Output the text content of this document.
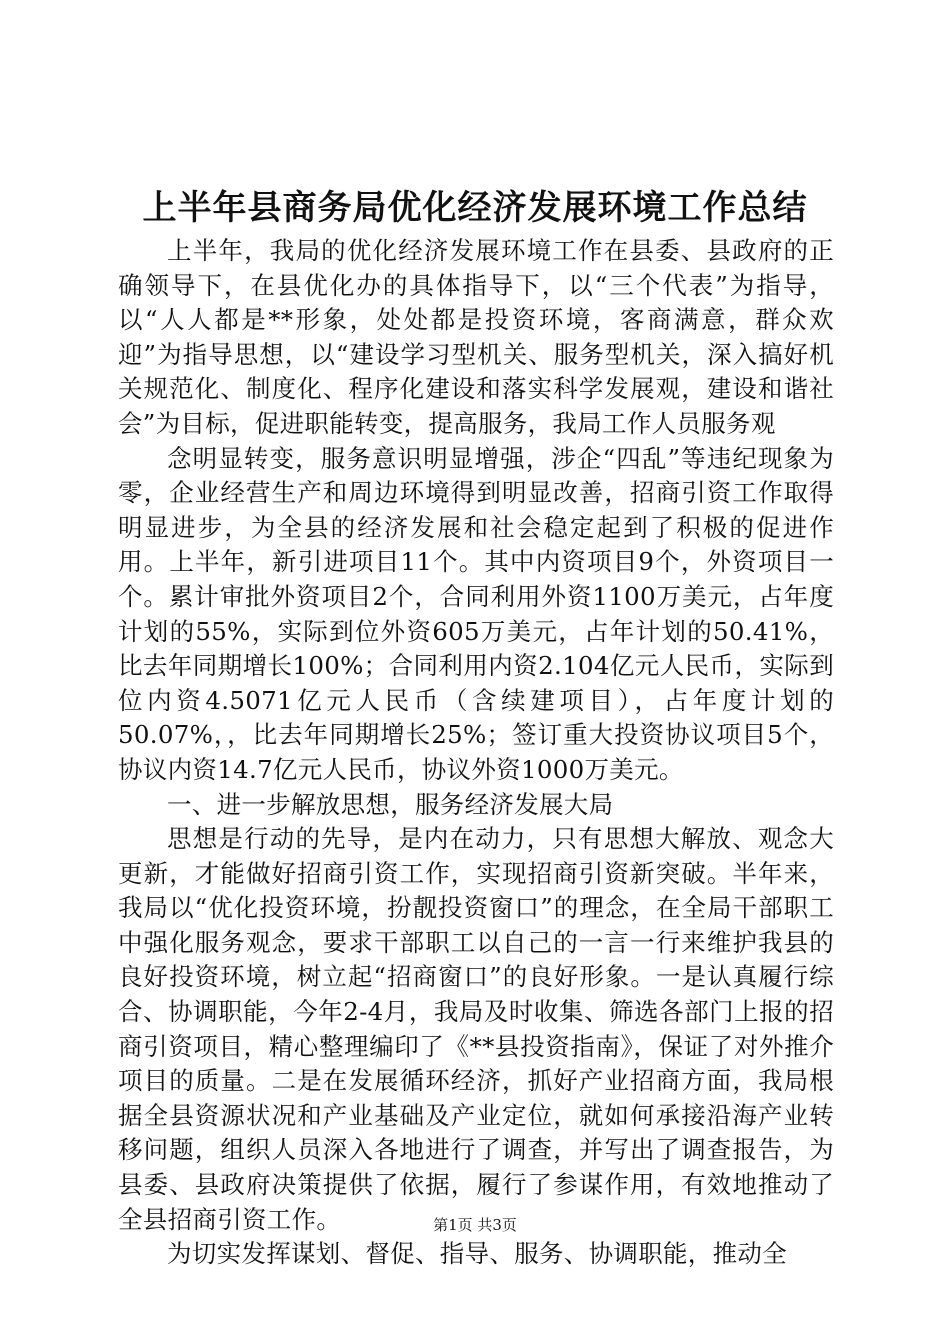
上半年县商务局优化经济发展环境工作总结

上半年，我局的优化经济发展环境工作在县委、县政府的正确领导下，在县优化办的具体指导下，以“三个代表”为指导，以“人人都是**形象，处处都是投资环境，客商满意，群众欢迎”为指导思想，以“建设学习型机关、服务型机关，深入搞好机关规范化、制度化、程序化建设和落实科学发展观，建设和谐社会”为目标，促进职能转变，提高服务，我局工作人员服务观

念明显转变，服务意识明显增强，涉企“四乱”等违纪现象为零，企业经营生产和周边环境得到明显改善，招商引资工作取得明显进步，为全县的经济发展和社会稳定起到了积极的促进作用。上半年，新引进项目11个。其中内资项目9个，外资项目一个。累计审批外资项目2个，合同利用外资1100万美元，占年度计划的55%，实际到位外资605万美元，占年计划的50.41%，比去年同期增长100%；合同利用内资2.104亿元人民币，实际到位内资4.5071亿元人民币（含续建项目），占年度计划的50.07%，，比去年同期增长25%；签订重大投资协议项目5个，协议内资14.7亿元人民币，协议外资1000万美元。

一、进一步解放思想，服务经济发展大局

思想是行动的先导，是内在动力，只有思想大解放、观念大更新，才能做好招商引资工作，实现招商引资新突破。半年来，我局以“优化投资环境，扮靓投资窗口”的理念，在全局干部职工中强化服务观念，要求干部职工以自己的一言一行来维护我县的良好投资环境，树立起“招商窗口”的良好形象。一是认真履行综合、协调职能，今年2-4月，我局及时收集、筛选各部门上报的招商引资项目，精心整理编印了《**县投资指南》，保证了对外推介项目的质量。二是在发展循环经济，抓好产业招商方面，我局根据全县资源状况和产业基础及产业定位，就如何承接沿海产业转移问题，组织人员深入各地进行了调查，并写出了调查报告，为县委、县政府决策提供了依据，履行了参谋作用，有效地推动了全县招商引资工作。

为切实发挥谋划、督促、指导、服务、协调职能，推动全

第1页 共3页
